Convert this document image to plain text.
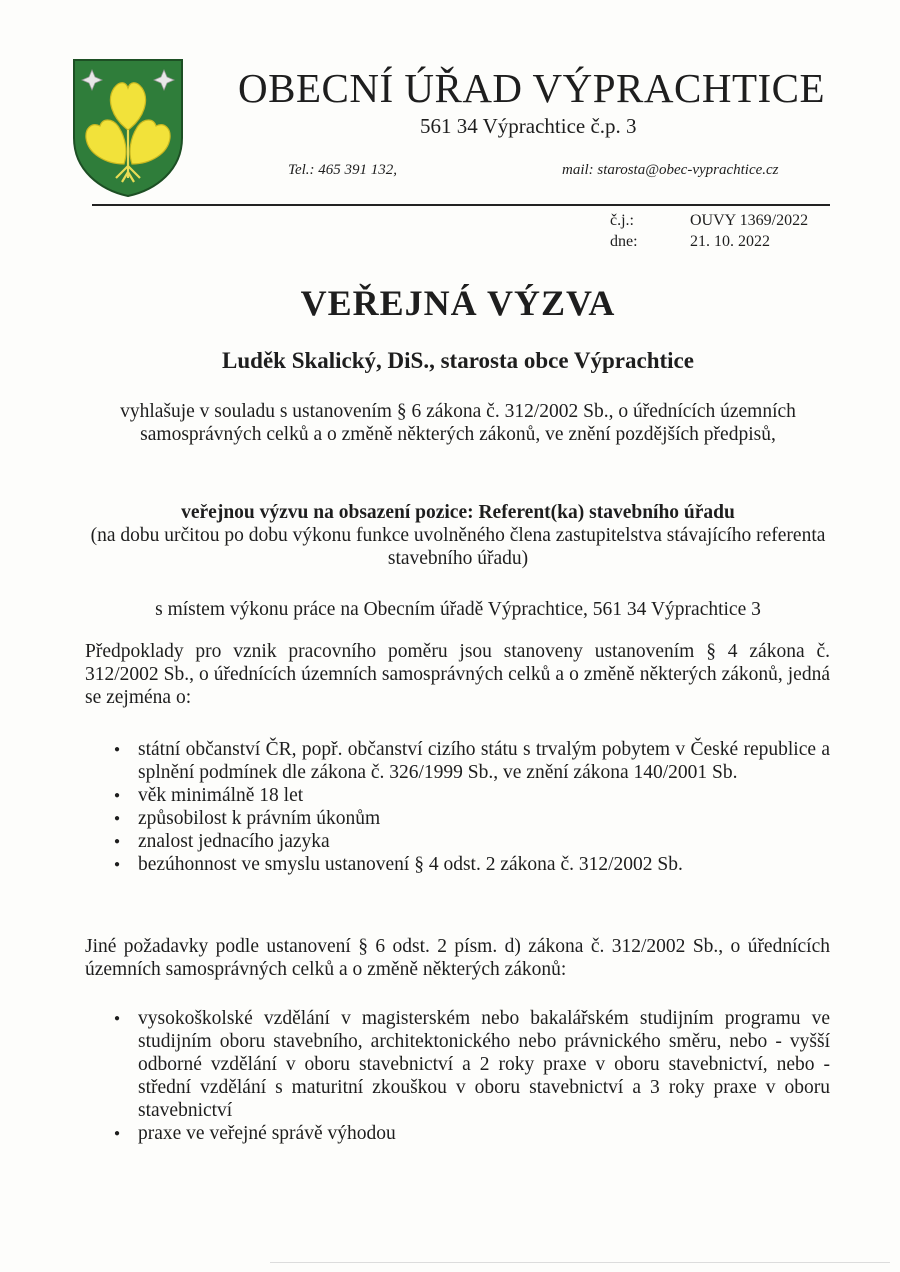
OBECNÍ ÚŘAD VÝPRACHTICE
561 34 Výprachtice č.p. 3
Tel.: 465 391 132,	mail: starosta@obec-vyprachtice.cz
č.j.:	OUVY 1369/2022
dne:	21. 10. 2022
VEŘEJNÁ VÝZVA
Luděk Skalický, DiS., starosta obce Výprachtice
vyhlašuje v souladu s ustanovením § 6 zákona č. 312/2002 Sb., o úřednících územních samosprávných celků a o změně některých zákonů, ve znění pozdějších předpisů,
veřejnou výzvu na obsazení pozice: Referent(ka) stavebního úřadu
(na dobu určitou po dobu výkonu funkce uvolněného člena zastupitelstva stávajícího referenta stavebního úřadu)
s místem výkonu práce na Obecním úřadě Výprachtice, 561 34 Výprachtice 3
Předpoklady pro vznik pracovního poměru jsou stanoveny ustanovením § 4 zákona č. 312/2002 Sb., o úřednících územních samosprávných celků a o změně některých zákonů, jedná se zejména o:
● státní občanství ČR, popř. občanství cizího státu s trvalým pobytem v České republice a splnění podmínek dle zákona č. 326/1999 Sb., ve znění zákona 140/2001 Sb.
● věk minimálně 18 let
● způsobilost k právním úkonům
● znalost jednacího jazyka
● bezúhonnost ve smyslu ustanovení § 4 odst. 2 zákona č. 312/2002 Sb.
Jiné požadavky podle ustanovení § 6 odst. 2 písm. d) zákona č. 312/2002 Sb., o úřednících územních samosprávných celků a o změně některých zákonů:
● vysokoškolské vzdělání v magisterském nebo bakalářském studijním programu ve studijním oboru stavebního, architektonického nebo právnického směru, nebo - vyšší odborné vzdělání v oboru stavebnictví a 2 roky praxe v oboru stavebnictví, nebo - střední vzdělání s maturitní zkouškou v oboru stavebnictví a 3 roky praxe v oboru stavebnictví
● praxe ve veřejné správě výhodou
